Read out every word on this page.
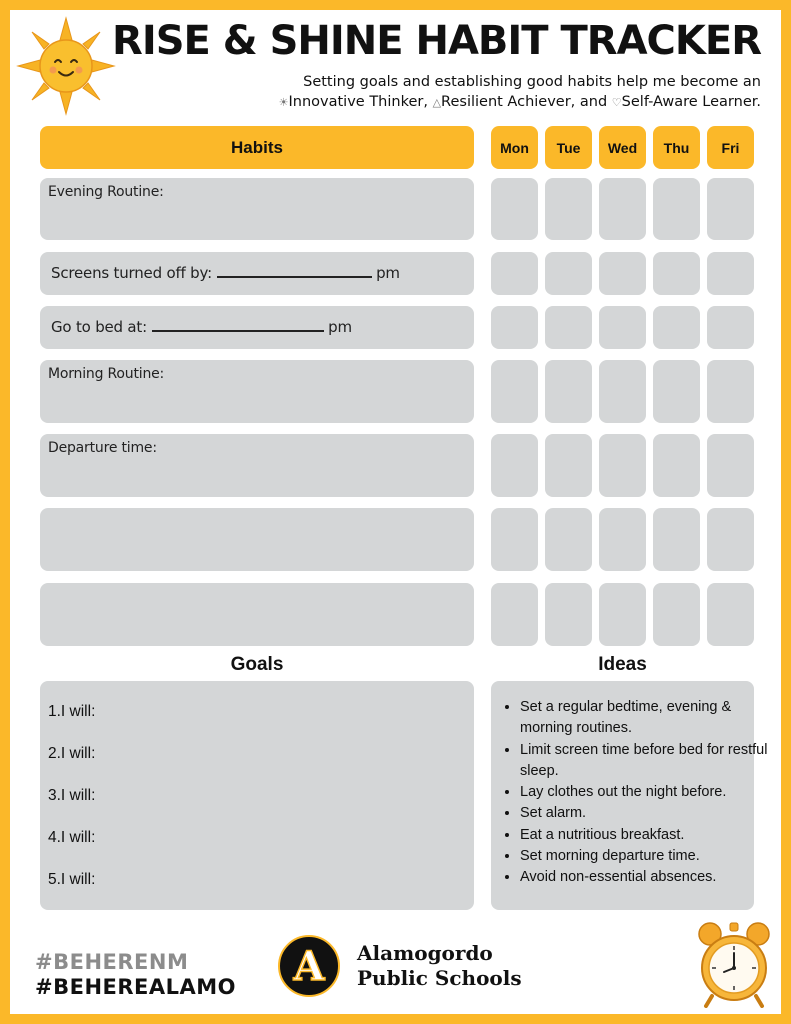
RISE & SHINE HABIT TRACKER
Setting goals and establishing good habits help me become an
☀Innovative Thinker, △Resilient Achiever, and ♡Self-Aware Learner.
Habits	Mon	Tue	Wed	Thu	Fri
Evening Routine:
Screens turned off by:	pm
Go to bed at:	pm
Morning Routine:
Departure time:
Goals
1.I will:
2.I will:
3.I will:
4.I will:
5.I will:
Ideas
• Set a regular bedtime, evening & morning routines.
• Limit screen time before bed for restful sleep.
• Lay clothes out the night before.
• Set alarm.
• Eat a nutritious breakfast.
• Set morning departure time.
• Avoid non-essential absences.
#BEHERENM
#BEHEREALAMO A Alamogordo
Public Schools
